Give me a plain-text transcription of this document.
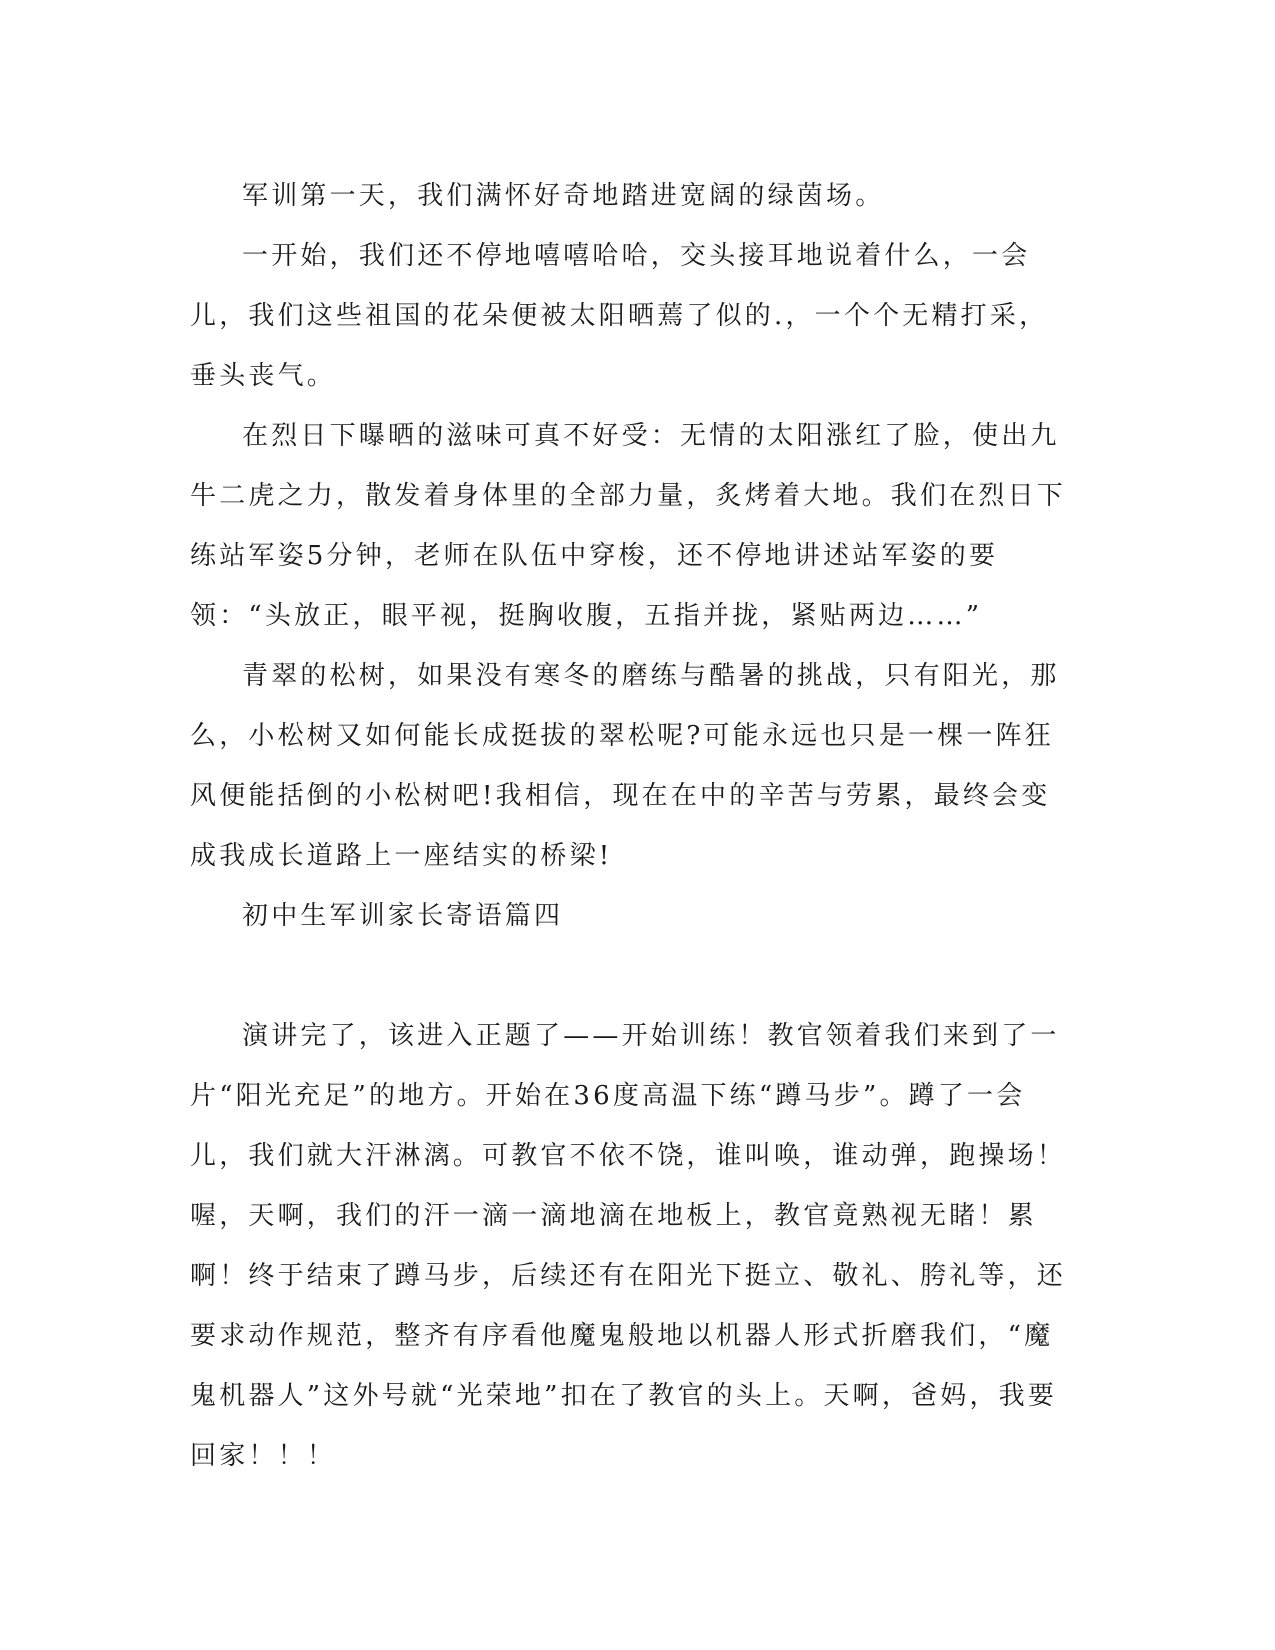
军训第一天，我们满怀好奇地踏进宽阔的绿茵场。

一开始，我们还不停地嘻嘻哈哈，交头接耳地说着什么，一会儿，我们这些祖国的花朵便被太阳晒蔫了似的.，一个个无精打采，垂头丧气。

在烈日下曝晒的滋味可真不好受：无情的太阳涨红了脸，使出九牛二虎之力，散发着身体里的全部力量，炙烤着大地。我们在烈日下练站军姿5分钟，老师在队伍中穿梭，还不停地讲述站军姿的要领：“头放正，眼平视，挺胸收腹，五指并拢，紧贴两边……”

青翠的松树，如果没有寒冬的磨练与酷暑的挑战，只有阳光，那么，小松树又如何能长成挺拔的翠松呢?可能永远也只是一棵一阵狂风便能括倒的小松树吧!我相信，现在在中的辛苦与劳累，最终会变成我成长道路上一座结实的桥梁!

初中生军训家长寄语篇四

演讲完了，该进入正题了——开始训练！教官领着我们来到了一片“阳光充足”的地方。开始在36度高温下练“蹲马步”。蹲了一会儿，我们就大汗淋漓。可教官不依不饶，谁叫唤，谁动弹，跑操场！喔，天啊，我们的汗一滴一滴地滴在地板上，教官竟熟视无睹！累啊！终于结束了蹲马步，后续还有在阳光下挺立、敬礼、胯礼等，还要求动作规范，整齐有序看他魔鬼般地以机器人形式折磨我们，“魔鬼机器人”这外号就“光荣地”扣在了教官的头上。天啊，爸妈，我要回家！！！
